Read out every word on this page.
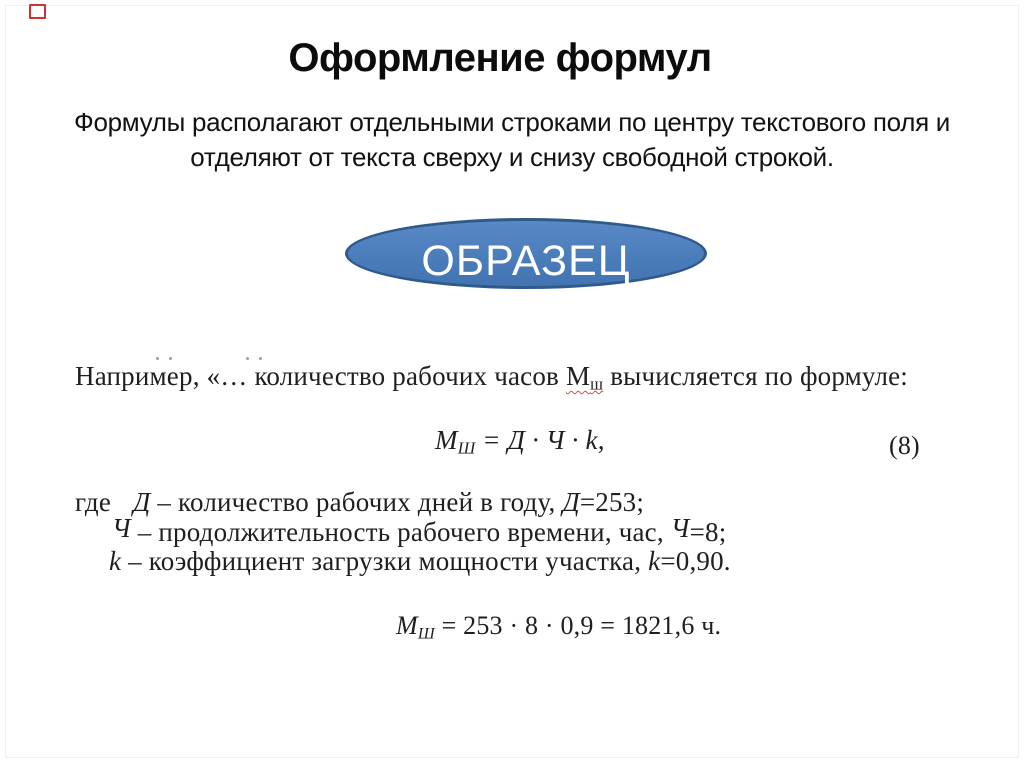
Оформление формул
Формулы располагают отдельными строками по центру текстового поля и
отделяют от текста сверху и снизу свободной строкой.
ОБРАЗЕЦ
Например, «… количество рабочих часов $М_ш$ вычисляется по формуле:
$М_Ш = Д \cdot Ч \cdot k$,	(8)
где Д – количество рабочих дней в году, Д=253;
Ч – продолжительность рабочего времени, час, Ч=8;
k – коэффициент загрузки мощности участка, k=0,90.
$М_Ш = 253 \cdot 8 \cdot 0,9 = 1821,6$ ч.
